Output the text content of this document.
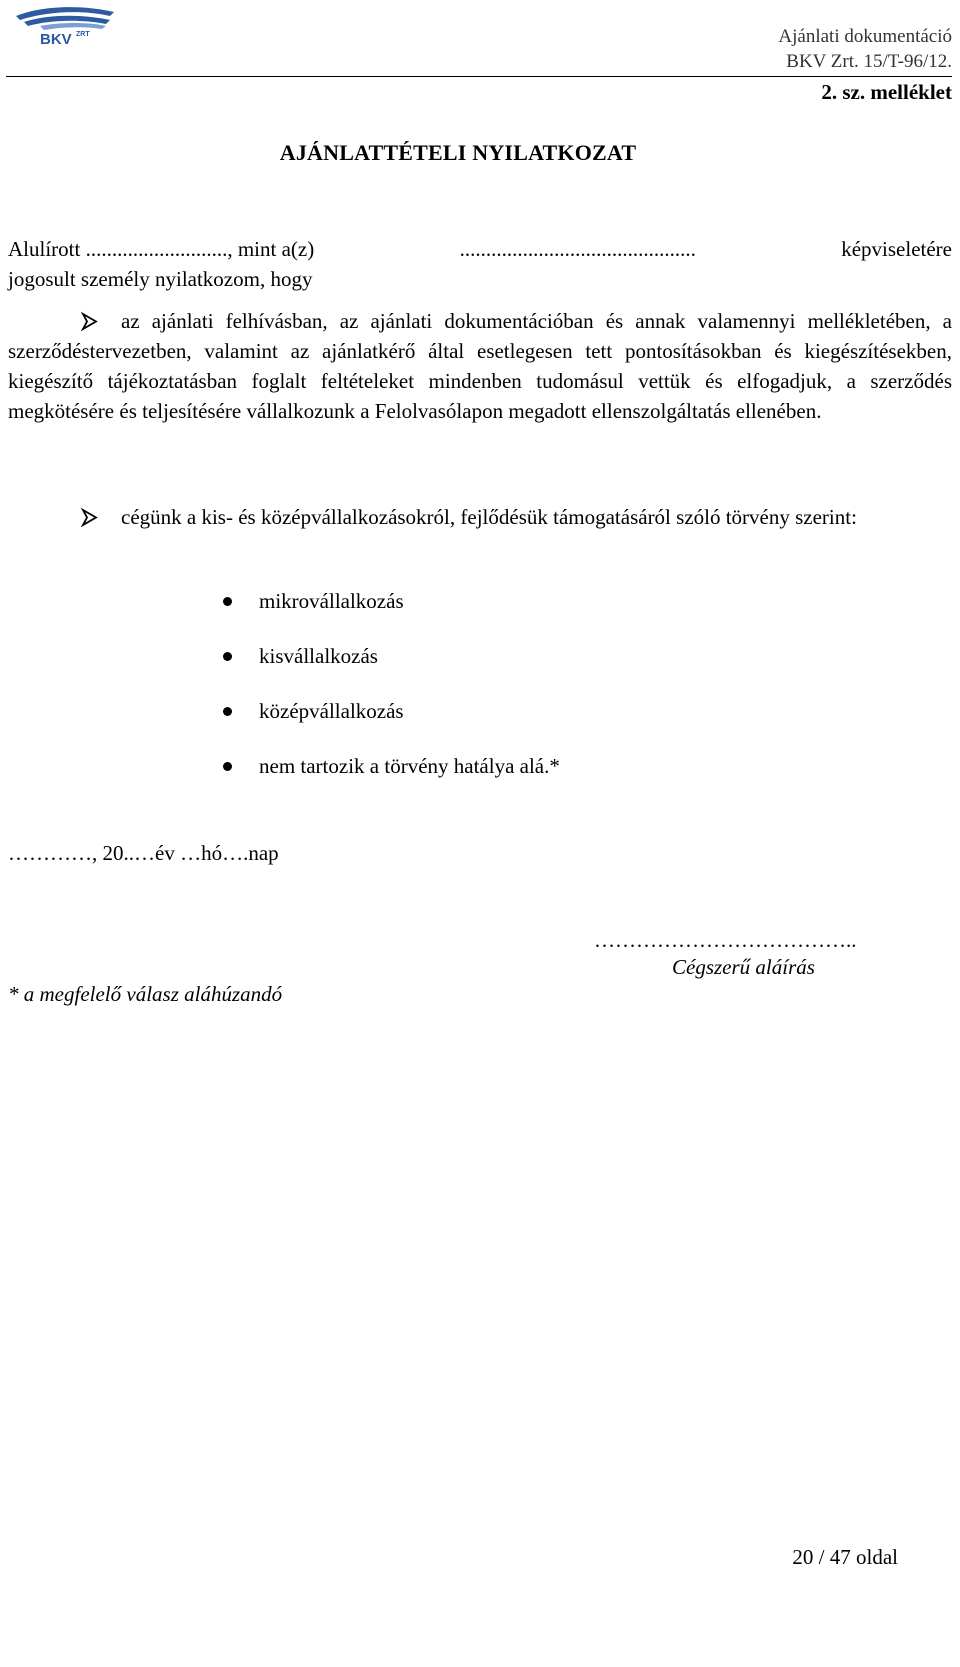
BKV ZRT	Ajánlati dokumentáció
BKV Zrt. 15/T-96/12.
2. sz. melléklet
AJÁNLATTÉTELI NYILATKOZAT
Alulírott ..........................., mint a(z)	.............................................	képviseletére
jogosult személy nyilatkozom, hogy
az ajánlati felhívásban, az ajánlati dokumentációban és annak valamennyi mellékletében, a szerződéstervezetben, valamint az ajánlatkérő által esetlegesen tett pontosításokban és kiegészítésekben, kiegészítő tájékoztatásban foglalt feltételeket mindenben tudomásul vettük és elfogadjuk, a szerződés megkötésére és teljesítésére vállalkozunk a Felolvasólapon megadott ellenszolgáltatás ellenében.
cégünk a kis- és középvállalkozásokról, fejlődésük támogatásáról szóló törvény szerint:
mikrovállalkozás
kisvállalkozás
középvállalkozás
nem tartozik a törvény hatálya alá.*
…………, 20..…év …hó….nap
………………………………..
Cégszerű aláírás
* a megfelelő válasz aláhúzandó
20 / 47 oldal
